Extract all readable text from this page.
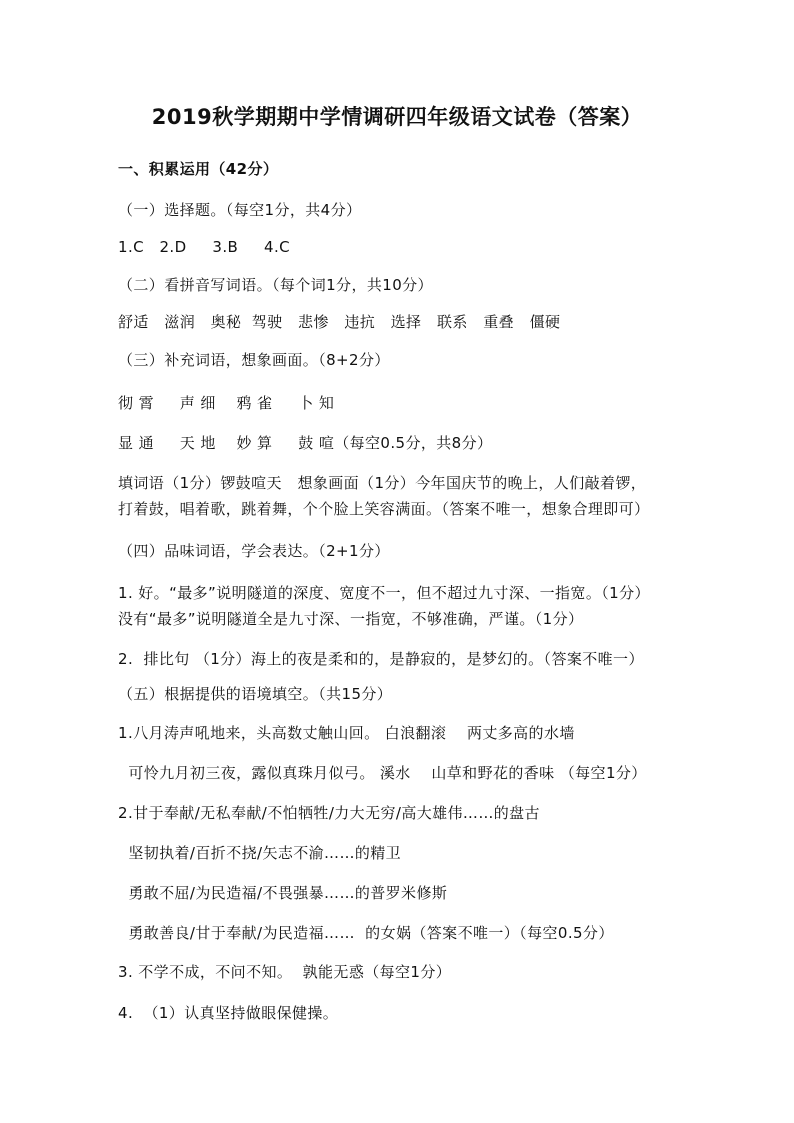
2019秋学期期中学情调研四年级语文试卷（答案）

一、积累运用（42分）

（一）选择题。（每空1分，共4分）

1.C   2.D     3.B     4.C

（二）看拼音写词语。（每个词1分，共10分）

舒适   滋润   奥秘  驾驶   悲惨   违抗   选择   联系   重叠   僵硬

（三）补充词语，想象画面。（8+2分）

彻 霄     声 细    鸦 雀     卜 知

显 通     天 地    妙 算     鼓 喧（每空0.5分，共8分）

填词语（1分）锣鼓喧天   想象画面（1分）今年国庆节的晚上，人们敲着锣，

打着鼓，唱着歌，跳着舞，个个脸上笑容满面。（答案不唯一，想象合理即可）

（四）品味词语，学会表达。（2+1分）

1. 好。“最多”说明隧道的深度、宽度不一，但不超过九寸深、一指宽。（1分）

没有“最多”说明隧道全是九寸深、一指宽，不够准确，严谨。（1分）

2.  排比句 （1分）海上的夜是柔和的，是静寂的，是梦幻的。（答案不唯一）

（五）根据提供的语境填空。（共15分）

1.八月涛声吼地来，头高数丈触山回。 白浪翻滚    两丈多高的水墙

可怜九月初三夜，露似真珠月似弓。 溪水    山草和野花的香味 （每空1分）

2.甘于奉献/无私奉献/不怕牺牲/力大无穷/高大雄伟……的盘古

坚韧执着/百折不挠/矢志不渝……的精卫

勇敢不屈/为民造福/不畏强暴……的普罗米修斯

勇敢善良/甘于奉献/为民造福……  的女娲（答案不唯一）（每空0.5分）

3. 不学不成，不问不知。  孰能无惑（每空1分）

4.  （1）认真坚持做眼保健操。
